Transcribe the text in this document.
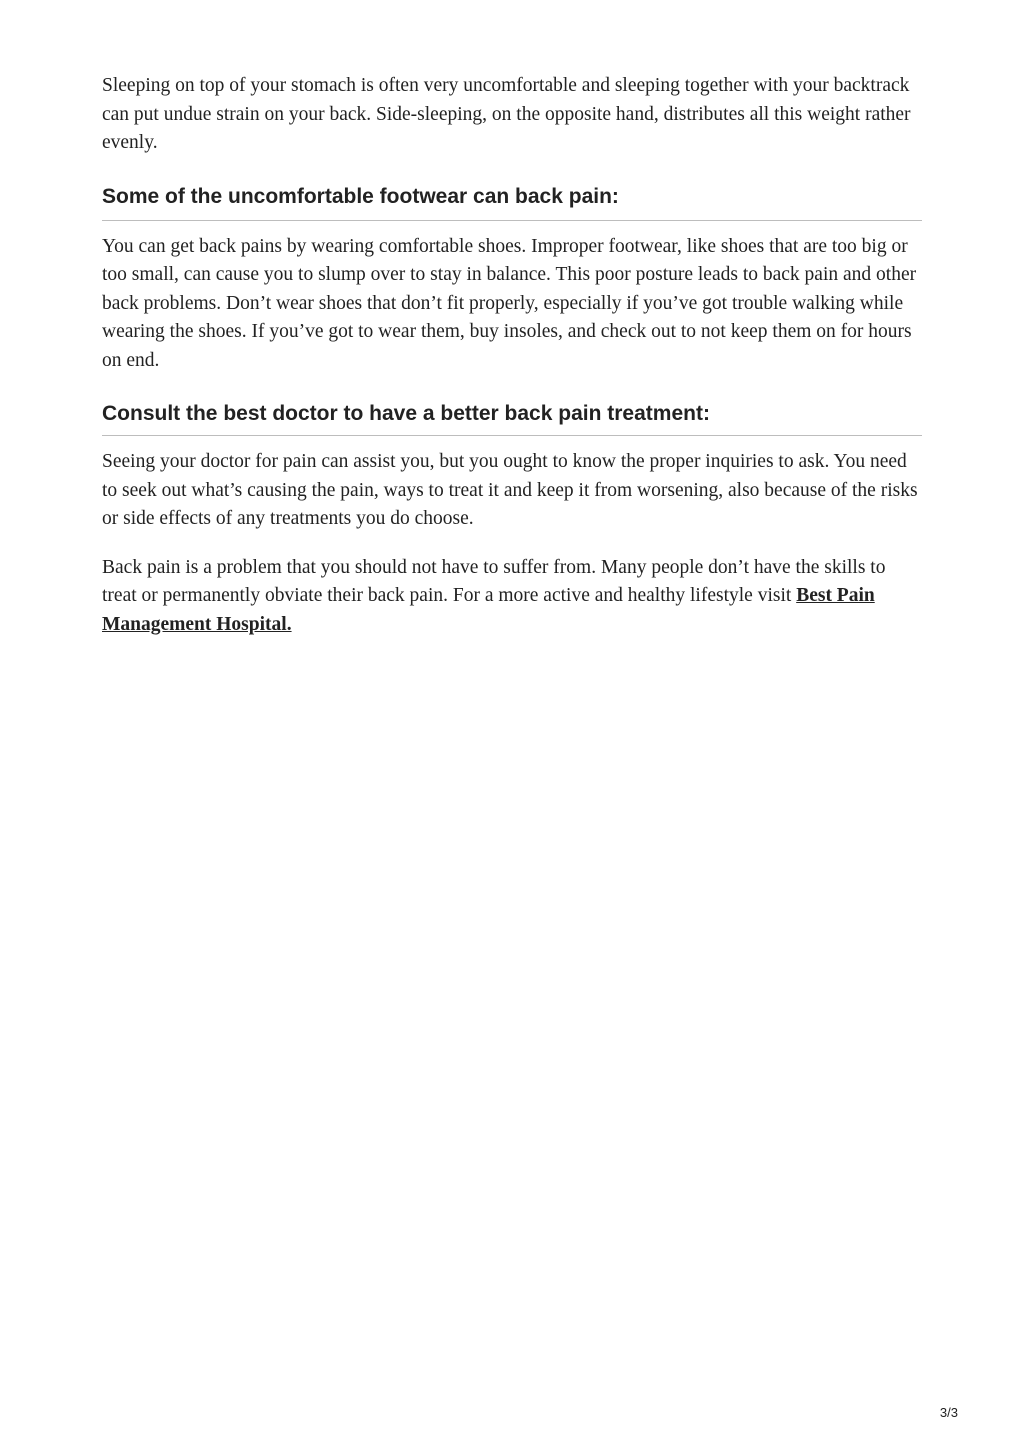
Sleeping on top of your stomach is often very uncomfortable and sleeping together with your backtrack can put undue strain on your back. Side-sleeping, on the opposite hand, distributes all this weight rather evenly.

Some of the uncomfortable footwear can back pain:

You can get back pains by wearing comfortable shoes. Improper footwear, like shoes that are too big or too small, can cause you to slump over to stay in balance. This poor posture leads to back pain and other back problems. Don’t wear shoes that don’t fit properly, especially if you’ve got trouble walking while wearing the shoes. If you’ve got to wear them, buy insoles, and check out to not keep them on for hours on end.

Consult the best doctor to have a better back pain treatment:

Seeing your doctor for pain can assist you, but you ought to know the proper inquiries to ask. You need to seek out what’s causing the pain, ways to treat it and keep it from worsening, also because of the risks or side effects of any treatments you do choose.

Back pain is a problem that you should not have to suffer from. Many people don’t have the skills to treat or permanently obviate their back pain. For a more active and healthy lifestyle visit Best Pain Management Hospital.

3/3
